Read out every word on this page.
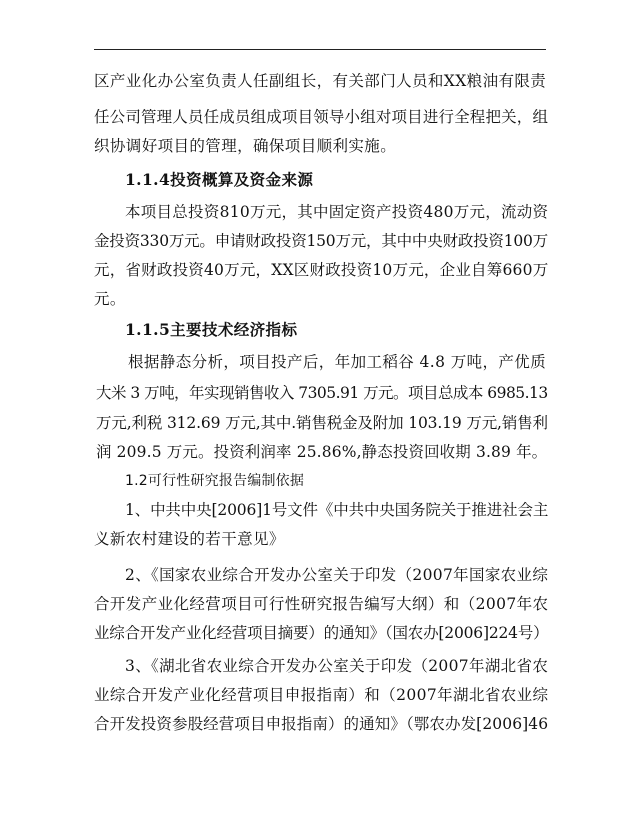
区产业化办公室负责人任副组长，有关部门人员和XX粮油有限责
任公司管理人员任成员组成项目领导小组对项目进行全程把关，组
织协调好项目的管理，确保项目顺利实施。
1.1.4投资概算及资金来源
本项目总投资810万元，其中固定资产投资480万元，流动资
金投资330万元。申请财政投资150万元，其中中央财政投资100万
元，省财政投资40万元，XX区财政投资10万元，企业自筹660万
元。
1.1.5主要技术经济指标
根据静态分析，项目投产后，年加工稻谷 4.8 万吨，产优质
大米 3 万吨，年实现销售收入 7305.91 万元。项目总成本 6985.13
万元,利税 312.69 万元,其中.销售税金及附加 103.19 万元,销售利
润 209.5 万元。投资利润率 25.86%,静态投资回收期 3.89 年。
1.2可行性研究报告编制依据
1、中共中央[2006]1号文件《中共中央国务院关于推进社会主
义新农村建设的若干意见》
2、《国家农业综合开发办公室关于印发（2007年国家农业综
合开发产业化经营项目可行性研究报告编写大纲）和（2007年农
业综合开发产业化经营项目摘要）的通知》（国农办[2006]224号）
3、《湖北省农业综合开发办公室关于印发（2007年湖北省农
业综合开发产业化经营项目申报指南）和（2007年湖北省农业综
合开发投资参股经营项目申报指南）的通知》（鄂农办发[2006]46
